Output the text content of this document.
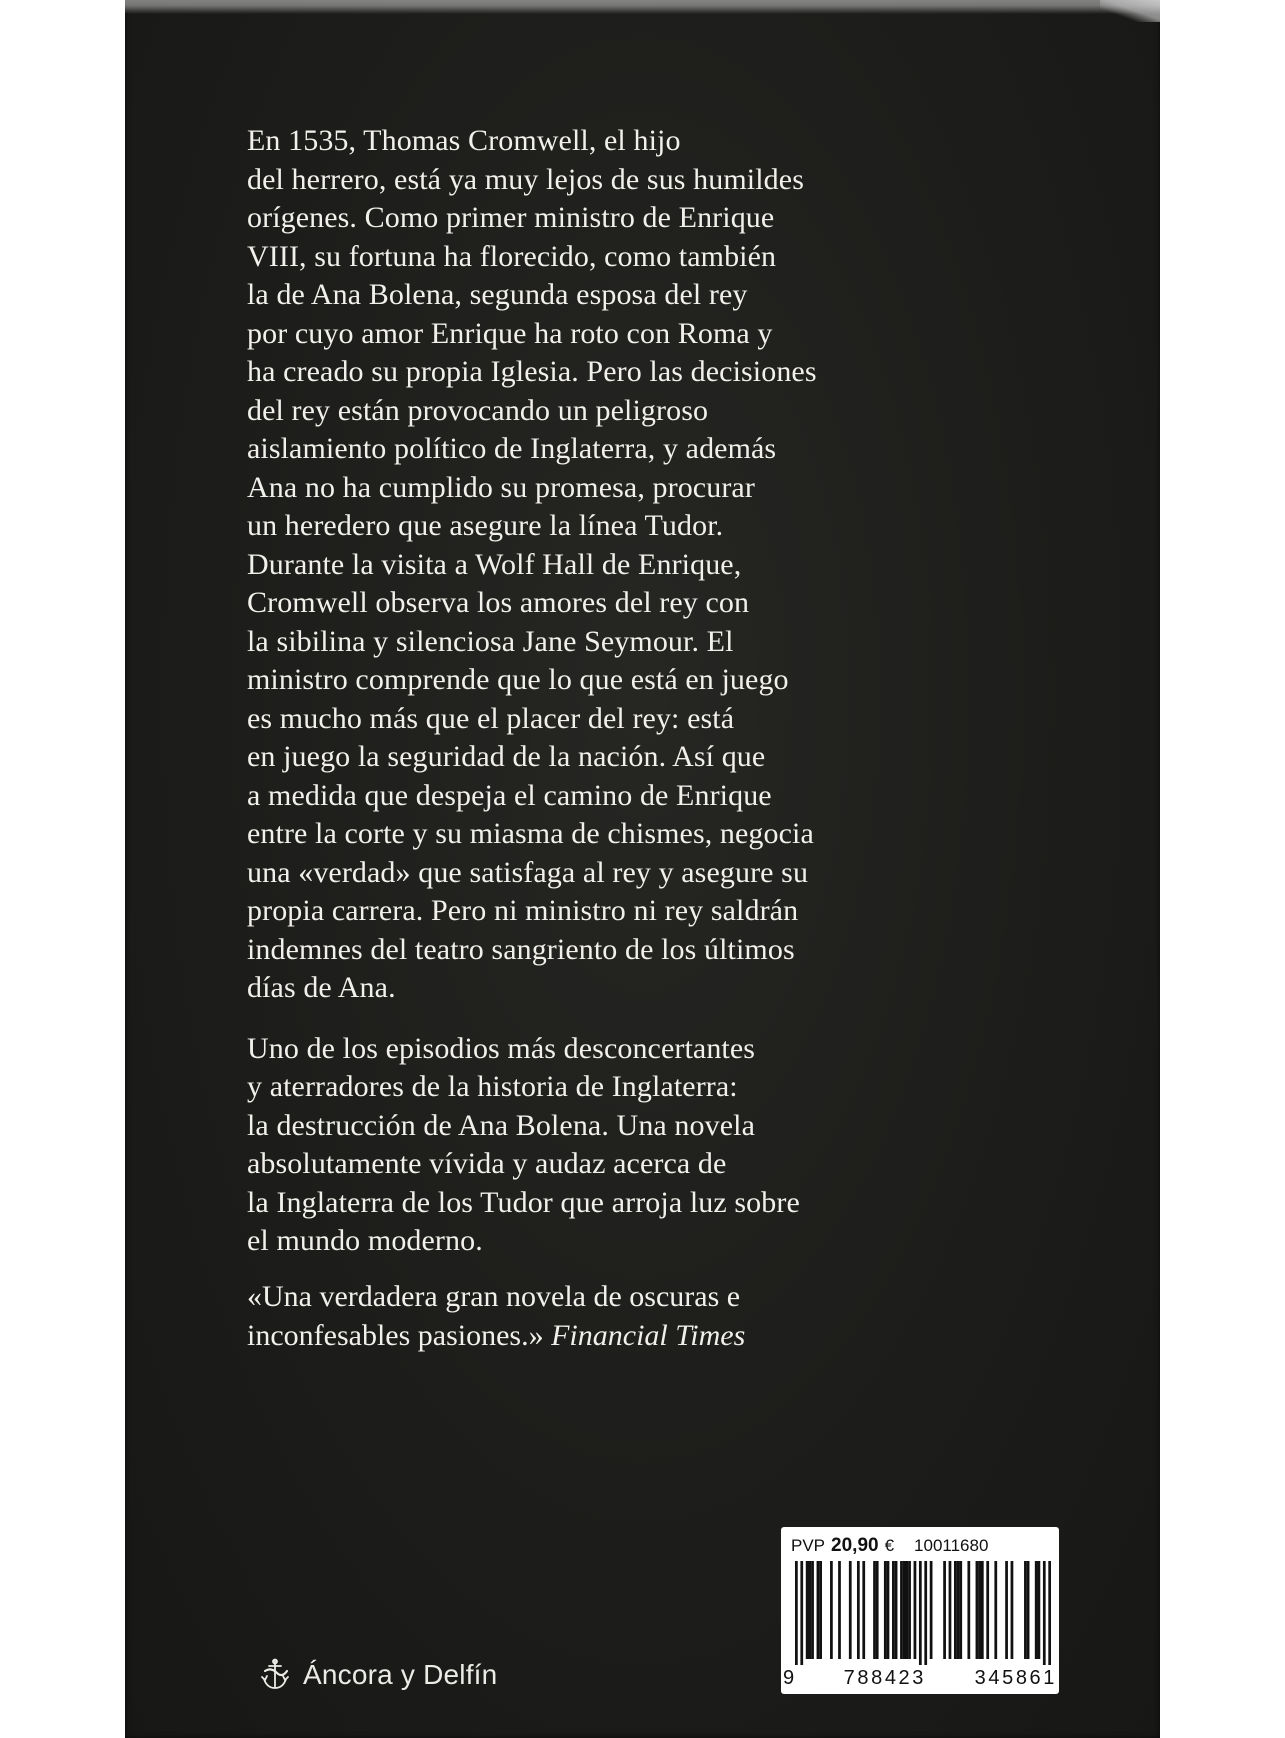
En 1535, Thomas Cromwell, el hijo
del herrero, está ya muy lejos de sus humildes
orígenes. Como primer ministro de Enrique
VIII, su fortuna ha florecido, como también
la de Ana Bolena, segunda esposa del rey
por cuyo amor Enrique ha roto con Roma y
ha creado su propia Iglesia. Pero las decisiones
del rey están provocando un peligroso
aislamiento político de Inglaterra, y además
Ana no ha cumplido su promesa, procurar
un heredero que asegure la línea Tudor.
Durante la visita a Wolf Hall de Enrique,
Cromwell observa los amores del rey con
la sibilina y silenciosa Jane Seymour. El
ministro comprende que lo que está en juego
es mucho más que el placer del rey: está
en juego la seguridad de la nación. Así que
a medida que despeja el camino de Enrique
entre la corte y su miasma de chismes, negocia
una «verdad» que satisfaga al rey y asegure su
propia carrera. Pero ni ministro ni rey saldrán
indemnes del teatro sangriento de los últimos
días de Ana.

Uno de los episodios más desconcertantes
y aterradores de la historia de Inglaterra:
la destrucción de Ana Bolena. Una novela
absolutamente vívida y audaz acerca de
la Inglaterra de los Tudor que arroja luz sobre
el mundo moderno.

«Una verdadera gran novela de oscuras e
inconfesables pasiones.» Financial Times
Áncora y Delfín
PVP 20,90 € 10011680
9 788423 345861
